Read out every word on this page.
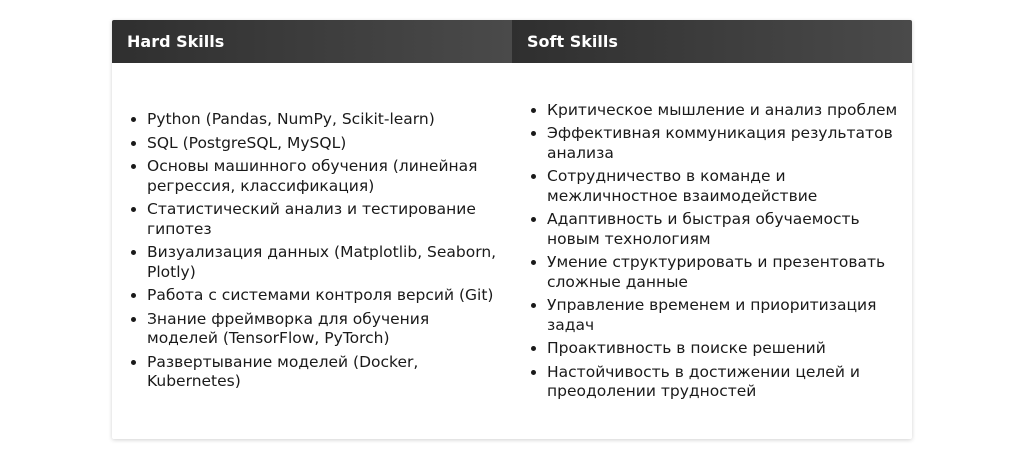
Hard Skills	Soft Skills
• Python (Pandas, NumPy, Scikit-learn)
• SQL (PostgreSQL, MySQL)
• Основы машинного обучения (линейная регрессия, классификация)
• Статистический анализ и тестирование гипотез
• Визуализация данных (Matplotlib, Seaborn, Plotly)
• Работа с системами контроля версий (Git)
• Знание фреймворка для обучения моделей (TensorFlow, PyTorch)
• Развертывание моделей (Docker, Kubernetes)
• Критическое мышление и анализ проблем
• Эффективная коммуникация результатов анализа
• Сотрудничество в команде и межличностное взаимодействие
• Адаптивность и быстрая обучаемость новым технологиям
• Умение структурировать и презентовать сложные данные
• Управление временем и приоритизация задач
• Проактивность в поиске решений
• Настойчивость в достижении целей и преодолении трудностей
